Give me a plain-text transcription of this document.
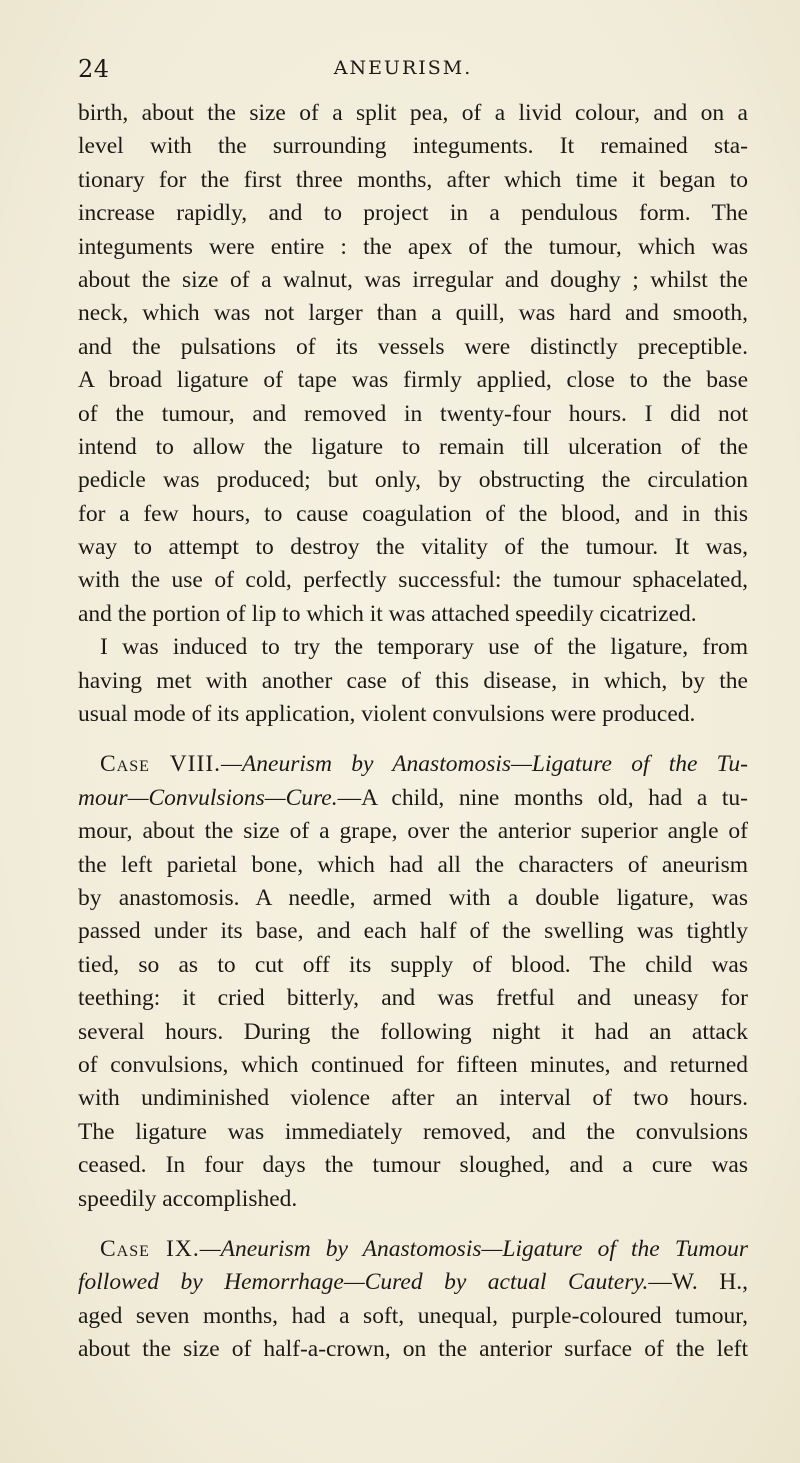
24	ANEURISM.
birth, about the size of a split pea, of a livid colour, and on a
level with the surrounding integuments. It remained sta-
tionary for the first three months, after which time it began to
increase rapidly, and to project in a pendulous form. The
integuments were entire : the apex of the tumour, which was
about the size of a walnut, was irregular and doughy ; whilst the
neck, which was not larger than a quill, was hard and smooth,
and the pulsations of its vessels were distinctly preceptible.
A broad ligature of tape was firmly applied, close to the base
of the tumour, and removed in twenty-four hours. I did not
intend to allow the ligature to remain till ulceration of the
pedicle was produced; but only, by obstructing the circulation
for a few hours, to cause coagulation of the blood, and in this
way to attempt to destroy the vitality of the tumour. It was,
with the use of cold, perfectly successful: the tumour sphacelated,
and the portion of lip to which it was attached speedily cicatrized.
I was induced to try the temporary use of the ligature, from
having met with another case of this disease, in which, by the
usual mode of its application, violent convulsions were produced.
Case VIII.—Aneurism by Anastomosis—Ligature of the Tu-
mour—Convulsions—Cure.—A child, nine months old, had a tu-
mour, about the size of a grape, over the anterior superior angle of
the left parietal bone, which had all the characters of aneurism
by anastomosis. A needle, armed with a double ligature, was
passed under its base, and each half of the swelling was tightly
tied, so as to cut off its supply of blood. The child was
teething: it cried bitterly, and was fretful and uneasy for
several hours. During the following night it had an attack
of convulsions, which continued for fifteen minutes, and returned
with undiminished violence after an interval of two hours.
The ligature was immediately removed, and the convulsions
ceased. In four days the tumour sloughed, and a cure was
speedily accomplished.
Case IX.—Aneurism by Anastomosis—Ligature of the Tumour
followed by Hemorrhage—Cured by actual Cautery.—W. H.,
aged seven months, had a soft, unequal, purple-coloured tumour,
about the size of half-a-crown, on the anterior surface of the left
